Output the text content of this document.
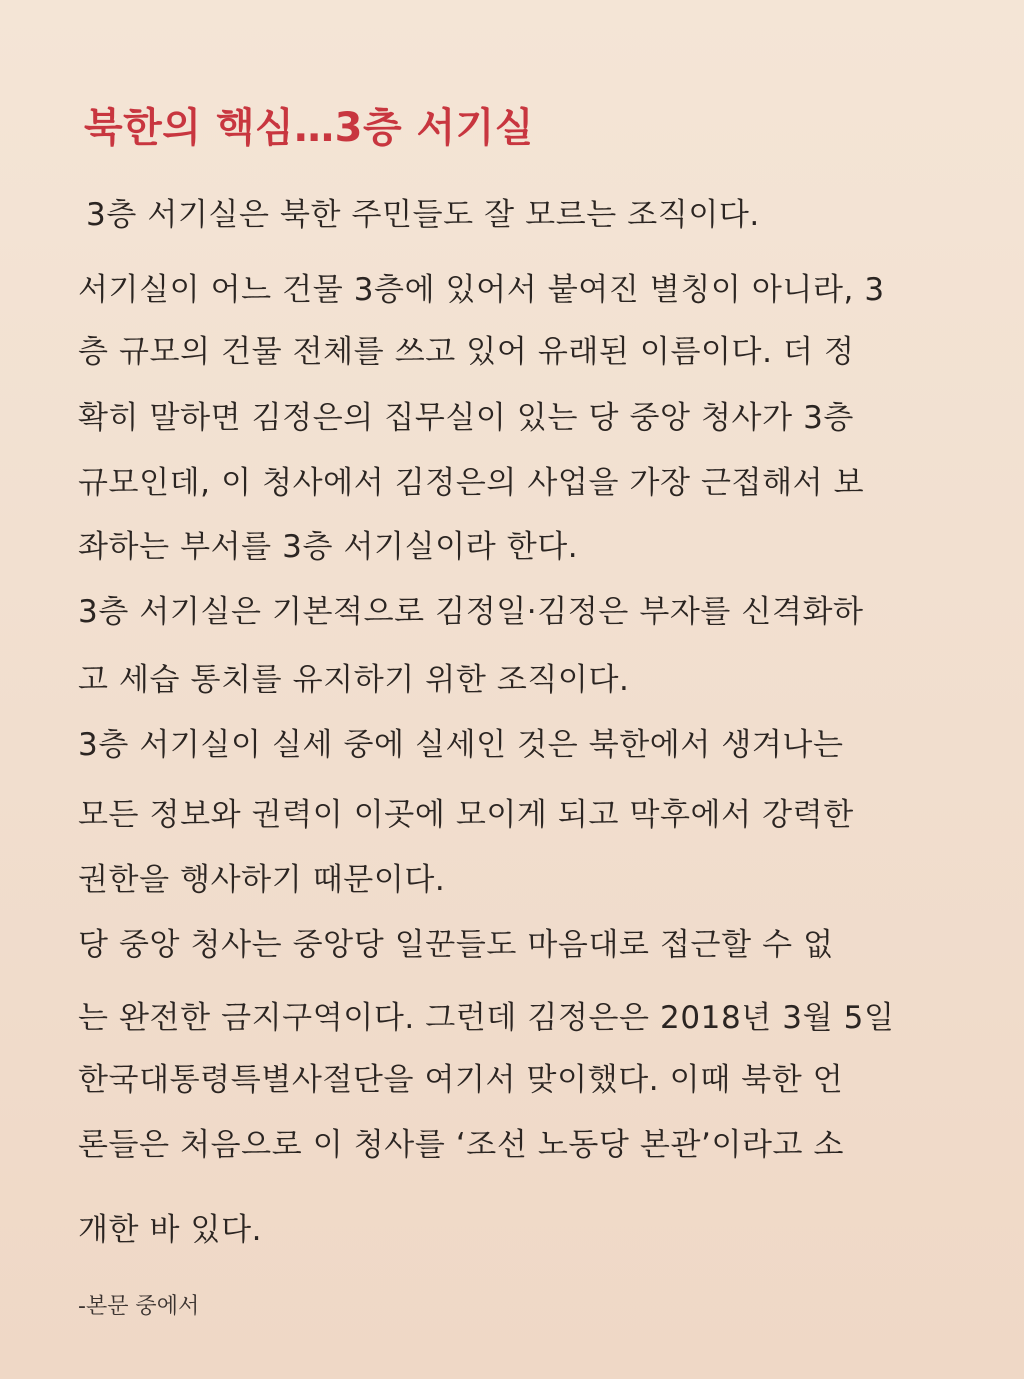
북한의 핵심…3층 서기실
3층 서기실은 북한 주민들도 잘 모르는 조직이다.
서기실이 어느 건물 3층에 있어서 붙여진 별칭이 아니라, 3
층 규모의 건물 전체를 쓰고 있어 유래된 이름이다. 더 정
확히 말하면 김정은의 집무실이 있는 당 중앙 청사가 3층
규모인데, 이 청사에서 김정은의 사업을 가장 근접해서 보
좌하는 부서를 3층 서기실이라 한다.
3층 서기실은 기본적으로 김정일·김정은 부자를 신격화하
고 세습 통치를 유지하기 위한 조직이다.
3층 서기실이 실세 중에 실세인 것은 북한에서 생겨나는
모든 정보와 권력이 이곳에 모이게 되고 막후에서 강력한
권한을 행사하기 때문이다.
당 중앙 청사는 중앙당 일꾼들도 마음대로 접근할 수 없
는 완전한 금지구역이다. 그런데 김정은은 2018년 3월 5일
한국대통령특별사절단을 여기서 맞이했다. 이때 북한 언
론들은 처음으로 이 청사를 ‘조선 노동당 본관’이라고 소
개한 바 있다.
-본문 중에서
